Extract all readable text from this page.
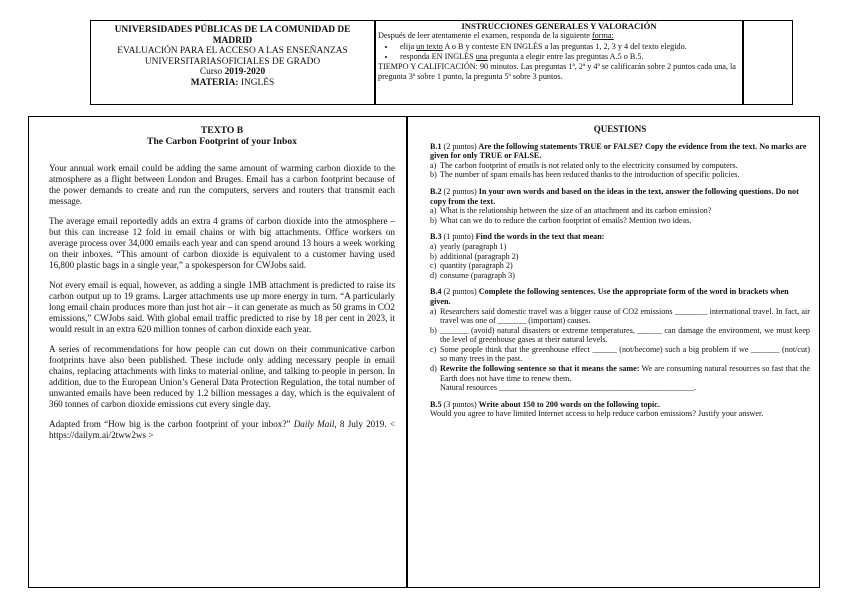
UNIVERSIDADES PÚBLICAS DE LA COMUNIDAD DE
MADRID
EVALUACIÓN PARA EL ACCESO A LAS ENSEÑANZAS
UNIVERSITARIASOFICIALES DE GRADO
Curso 2019-2020
MATERIA: INGLÉS
INSTRUCCIONES GENERALES Y VALORACIÓN
Después de leer atentamente el examen, responda de la siguiente forma:
• elija un texto A o B y conteste EN INGLÉS a las preguntas 1, 2, 3 y 4 del texto elegido.
• responda EN INGLÉS una pregunta a elegir entre las preguntas A.5 o B.5.
TIEMPO Y CALIFICACIÓN: 90 minutos. Las preguntas 1ª, 2ª y 4ª se calificarán sobre 2 puntos cada una, la pregunta 3ª sobre 1 punto, la pregunta 5ª sobre 3 puntos.
TEXTO B
The Carbon Footprint of your Inbox

Your annual work email could be adding the same amount of warming carbon dioxide to the atmosphere as a flight between London and Bruges. Email has a carbon footprint because of the power demands to create and run the computers, servers and routers that transmit each message.

The average email reportedly adds an extra 4 grams of carbon dioxide into the atmosphere – but this can increase 12 fold in email chains or with big attachments. Office workers on average process over 34,000 emails each year and can spend around 13 hours a week working on their inboxes. “This amount of carbon dioxide is equivalent to a customer having used 16,800 plastic bags in a single year,” a spokesperson for CWJobs said.

Not every email is equal, however, as adding a single 1MB attachment is predicted to raise its carbon output up to 19 grams. Larger attachments use up more energy in turn. “A particularly long email chain produces more than just hot air – it can generate as much as 50 grams in CO2 emissions,” CWJobs said. With global email traffic predicted to rise by 18 per cent in 2023, it would result in an extra 620 million tonnes of carbon dioxide each year.

A series of recommendations for how people can cut down on their communicative carbon footprints have also been published. These include only adding necessary people in email chains, replacing attachments with links to material online, and talking to people in person. In addition, due to the European Union’s General Data Protection Regulation, the total number of unwanted emails have been reduced by 1.2 billion messages a day, which is the equivalent of 360 tonnes of carbon dioxide emissions cut every single day.

Adapted from “How big is the carbon footprint of your inbox?” Daily Mail, 8 July 2019. < https://dailym.ai/2tww2ws >

QUESTIONS
B.1 (2 puntos) Are the following statements TRUE or FALSE? Copy the evidence from the text. No marks are given for only TRUE or FALSE.
a) The carbon footprint of emails is not related only to the electricity consumed by computers.
b) The number of spam emails has been reduced thanks to the introduction of specific policies.
B.2 (2 puntos) In your own words and based on the ideas in the text, answer the following questions. Do not copy from the text.
a) What is the relationship between the size of an attachment and its carbon emission?
b) What can we do to reduce the carbon footprint of emails? Mention two ideas.
B.3 (1 punto) Find the words in the text that mean:
a) yearly (paragraph 1)
b) additional (paragraph 2)
c) quantity (paragraph 2)
d) consume (paragraph 3)
B.4 (2 puntos) Complete the following sentences. Use the appropriate form of the word in brackets when given.
a) Researchers said domestic travel was a bigger cause of CO2 emissions ________ international travel. In fact, air travel was one of _______ (important) causes.
b) _______ (avoid) natural disasters or extreme temperatures, ______ can damage the environment, we must keep the level of greenhouse gases at their natural levels.
c) Some people think that the greenhouse effect ______ (not/become) such a big problem if we _______ (not/cut) so many trees in the past.
d) Rewrite the following sentence so that it means the same: We are consuming natural resources so fast that the Earth does not have time to renew them.
Natural resources ________________________________________________.
B.5 (3 puntos) Write about 150 to 200 words on the following topic.
Would you agree to have limited Internet access to help reduce carbon emissions? Justify your answer.
